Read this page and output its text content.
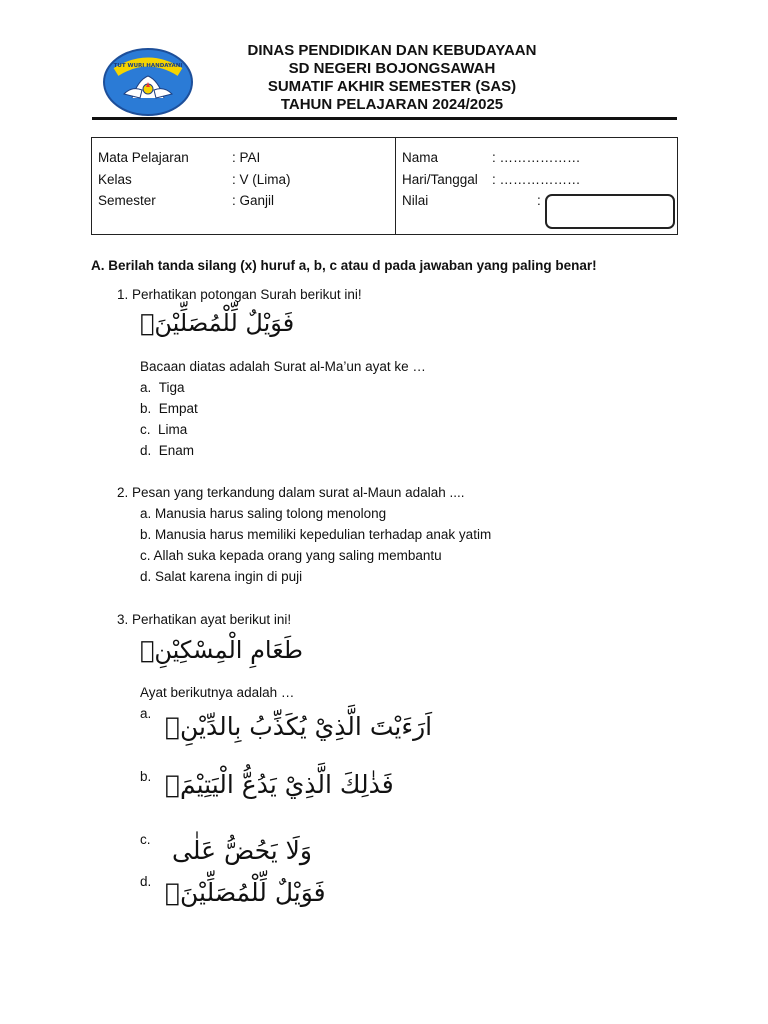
TUT WURI HANDAYANI
DINAS PENDIDIKAN DAN KEBUDAYAAN
SD NEGERI BOJONGSAWAH
SUMATIF AKHIR SEMESTER (SAS)
TAHUN PELAJARAN 2024/2025
Mata Pelajaran	: PAI
Kelas	: V (Lima)
Semester	: Ganjil
Nama	: ………………
Hari/Tanggal : ………………
Nilai	:
A. Berilah tanda silang (x) huruf a, b, c atau d pada jawaban yang paling benar!
1. Perhatikan potongan Surah berikut ini!
فَوَيْلٌ لِّلْمُصَلِّيْنَۙ
Bacaan diatas adalah Surat al-Ma’un ayat ke …
a. Tiga
b. Empat
c. Lima
d. Enam
2. Pesan yang terkandung dalam surat al-Maun adalah ....
a. Manusia harus saling tolong menolong
b. Manusia harus memiliki kepedulian terhadap anak yatim
c. Allah suka kepada orang yang saling membantu
d. Salat karena ingin di puji
3. Perhatikan ayat berikut ini!
طَعَامِ الْمِسْكِيْنِۗ
Ayat berikutnya adalah …
a. اَرَءَيْتَ الَّذِيْ يُكَذِّبُ بِالدِّيْنِۗ
b. فَذٰلِكَ الَّذِيْ يَدُعُّ الْيَتِيْمَۙ
c. وَلَا يَحُضُّ عَلٰى
d. فَوَيْلٌ لِّلْمُصَلِّيْنَۙ
